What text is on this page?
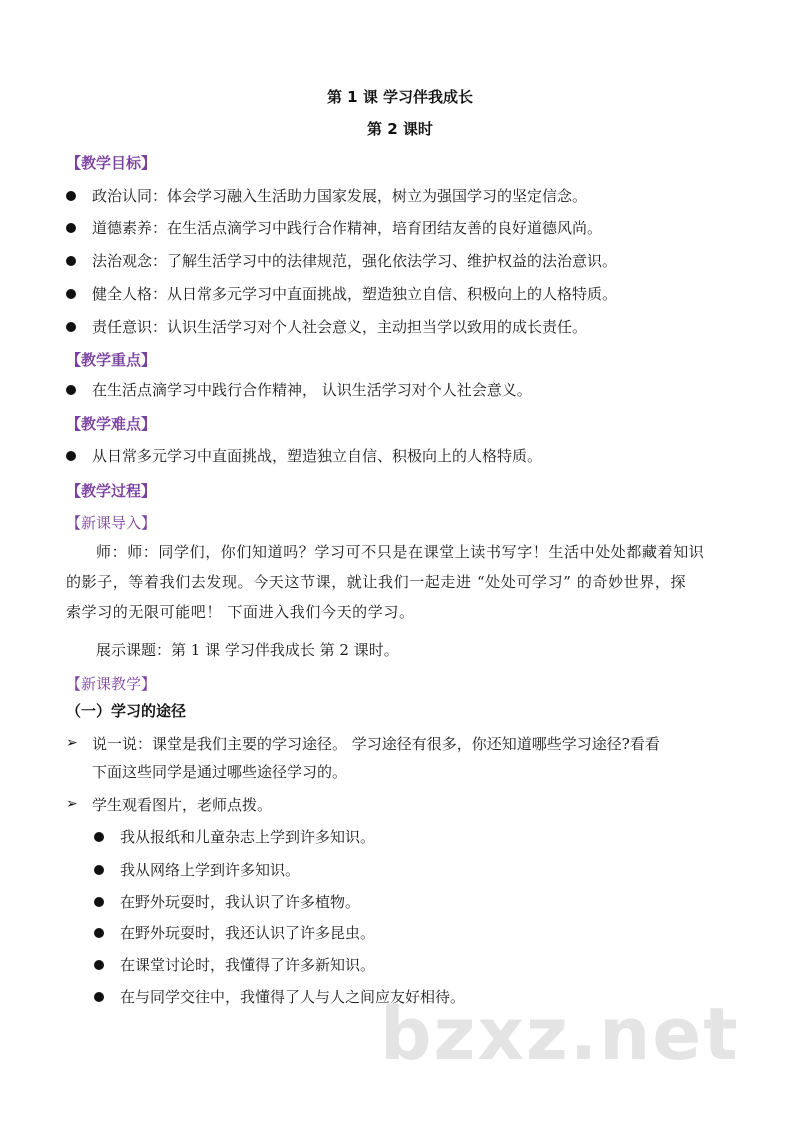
第 1 课 学习伴我成长
第 2 课时
【教学目标】
政治认同：体会学习融入生活助力国家发展，树立为强国学习的坚定信念。
道德素养：在生活点滴学习中践行合作精神，培育团结友善的良好道德风尚。
法治观念：了解生活学习中的法律规范，强化依法学习、维护权益的法治意识。
健全人格：从日常多元学习中直面挑战，塑造独立自信、积极向上的人格特质。
责任意识：认识生活学习对个人社会意义，主动担当学以致用的成长责任。
【教学重点】
在生活点滴学习中践行合作精神， 认识生活学习对个人社会意义。
【教学难点】
从日常多元学习中直面挑战，塑造独立自信、积极向上的人格特质。
【教学过程】
【新课导入】
师：师：同学们，你们知道吗？学习可不只是在课堂上读书写字！生活中处处都藏着知识
的影子，等着我们去发现。今天这节课，就让我们一起走进 “处处可学习” 的奇妙世界，探
索学习的无限可能吧！ 下面进入我们今天的学习。
展示课题：第 1 课 学习伴我成长 第 2 课时。
【新课教学】
（一）学习的途径
➢ 说一说：课堂是我们主要的学习途径。 学习途径有很多，你还知道哪些学习途径?看看
下面这些同学是通过哪些途径学习的。
➢ 学生观看图片，老师点拨。
我从报纸和儿童杂志上学到许多知识。
我从网络上学到许多知识。
在野外玩耍时，我认识了许多植物。
在野外玩耍时，我还认识了许多昆虫。
在课堂讨论时，我懂得了许多新知识。
在与同学交往中，我懂得了人与人之间应友好相待。
bzxz.net
